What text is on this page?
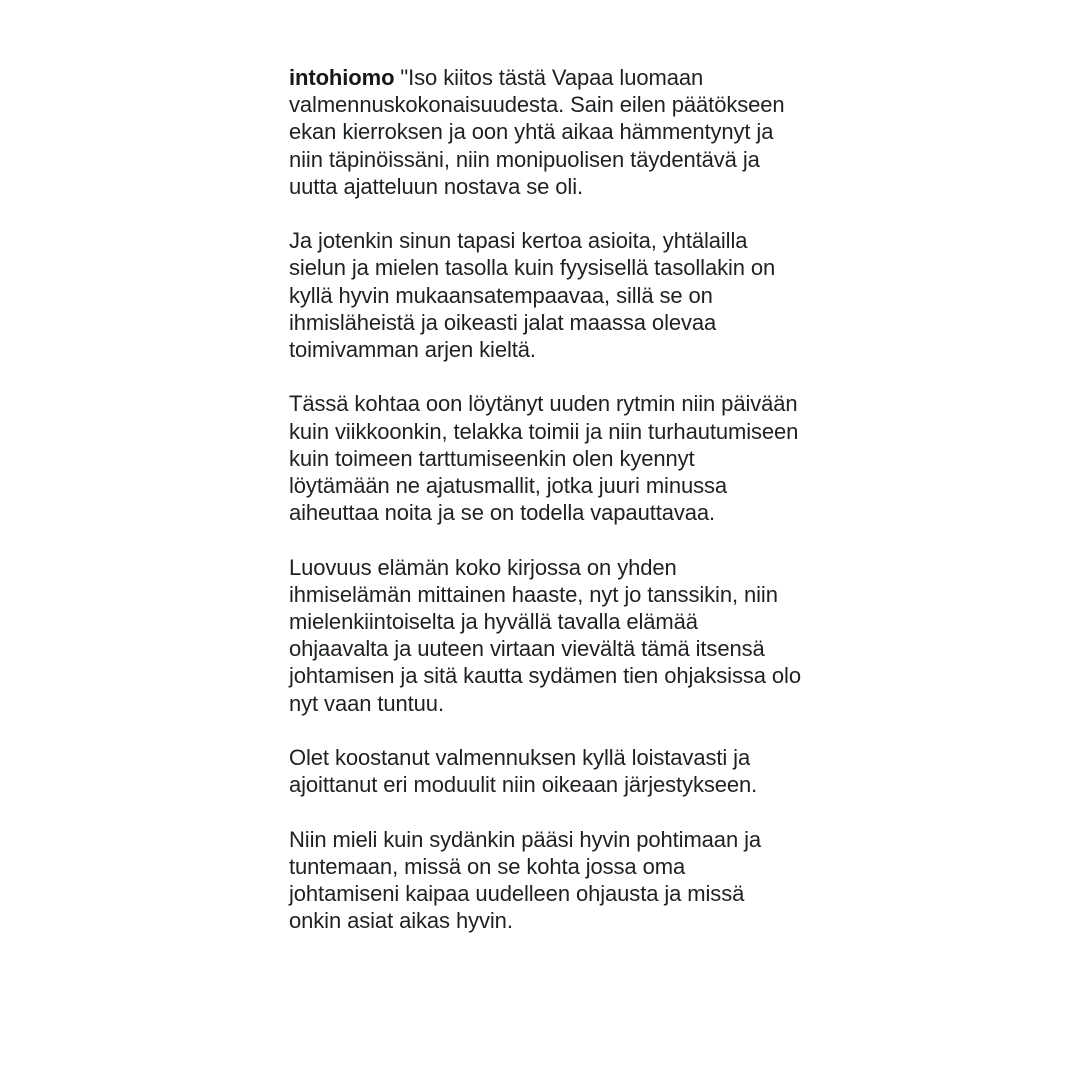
intohiomo "Iso kiitos tästä Vapaa luomaan valmennuskokonaisuudesta. Sain eilen päätökseen ekan kierroksen ja oon yhtä aikaa hämmentynyt ja niin täpinöissäni, niin monipuolisen täydentävä ja uutta ajatteluun nostava se oli.

Ja jotenkin sinun tapasi kertoa asioita, yhtälailla sielun ja mielen tasolla kuin fyysisellä tasollakin on kyllä hyvin mukaansatempaavaa, sillä se on ihmisläheistä ja oikeasti jalat maassa olevaa toimivamman arjen kieltä.

Tässä kohtaa oon löytänyt uuden rytmin niin päivään kuin viikkoonkin, telakka toimii ja niin turhautumiseen kuin toimeen tarttumiseenkin olen kyennyt löytämään ne ajatusmallit, jotka juuri minussa aiheuttaa noita ja se on todella vapauttavaa.

Luovuus elämän koko kirjossa on yhden ihmiselämän mittainen haaste, nyt jo tanssikin, niin mielenkiintoiselta ja hyvällä tavalla elämää ohjaavalta ja uuteen virtaan vievältä tämä itsensä johtamisen ja sitä kautta sydämen tien ohjaksissa olo nyt vaan tuntuu.

Olet koostanut valmennuksen kyllä loistavasti ja ajoittanut eri moduulit niin oikeaan järjestykseen.

Niin mieli kuin sydänkin pääsi hyvin pohtimaan ja tuntemaan, missä on se kohta jossa oma johtamiseni kaipaa uudelleen ohjausta ja missä onkin asiat aikas hyvin.
